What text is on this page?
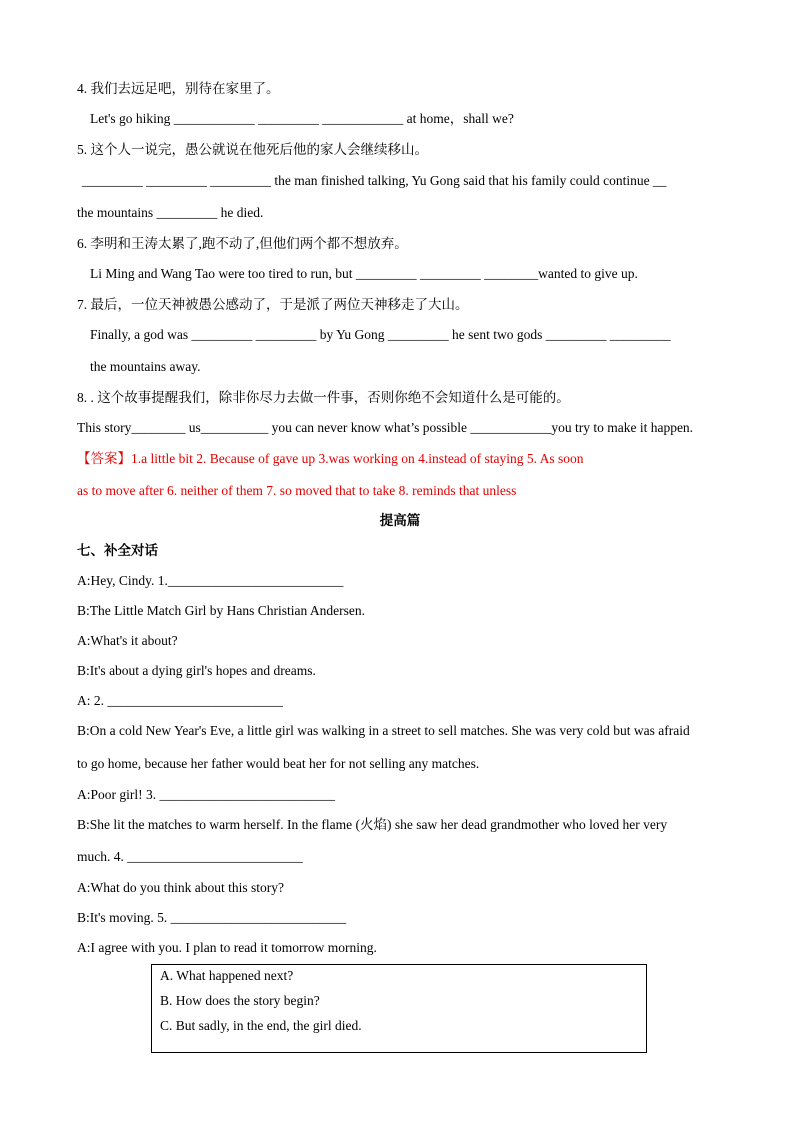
4. 我们去远足吧，别待在家里了。
Let's go hiking ____________ _________ ____________ at home，shall we?
5. 这个人一说完，愚公就说在他死后他的家人会继续移山。
_________ _________ _________ the man finished talking, Yu Gong said that his family could continue __
the mountains _________ he died.
6. 李明和王涛太累了,跑不动了,但他们两个都不想放弃。
Li Ming and Wang Tao were too tired to run, but _________ _________ ________wanted to give up.
7. 最后，一位天神被愚公感动了，于是派了两位天神移走了大山。
Finally, a god was _________ _________ by Yu Gong _________ he sent two gods _________ _________
the mountains away.
8. . 这个故事提醒我们，除非你尽力去做一件事，否则你绝不会知道什么是可能的。
This story________ us__________ you can never know what’s possible ____________you try to make it happen.
【答案】1.a little bit 2. Because of gave up 3.was working on 4.instead of staying 5. As soon
as to move after 6. neither of them 7. so moved that to take 8. reminds that unless
A:Hey, Cindy. 1.__________________________
B:The Little Match Girl by Hans Christian Andersen.
A:What's it about?
B:It's about a dying girl's hopes and dreams.
A: 2. __________________________
B:On a cold New Year's Eve, a little girl was walking in a street to sell matches. She was very cold but was afraid
to go home, because her father would beat her for not selling any matches.
A:Poor girl! 3. __________________________
B:She lit the matches to warm herself. In the flame (火焰) she saw her dead grandmother who loved her very
much. 4. __________________________
A:What do you think about this story?
B:It's moving. 5. __________________________
A:I agree with you. I plan to read it tomorrow morning.
提高篇
七、补全对话
A. What happened next?
B. How does the story begin?
C. But sadly, in the end, the girl died.
